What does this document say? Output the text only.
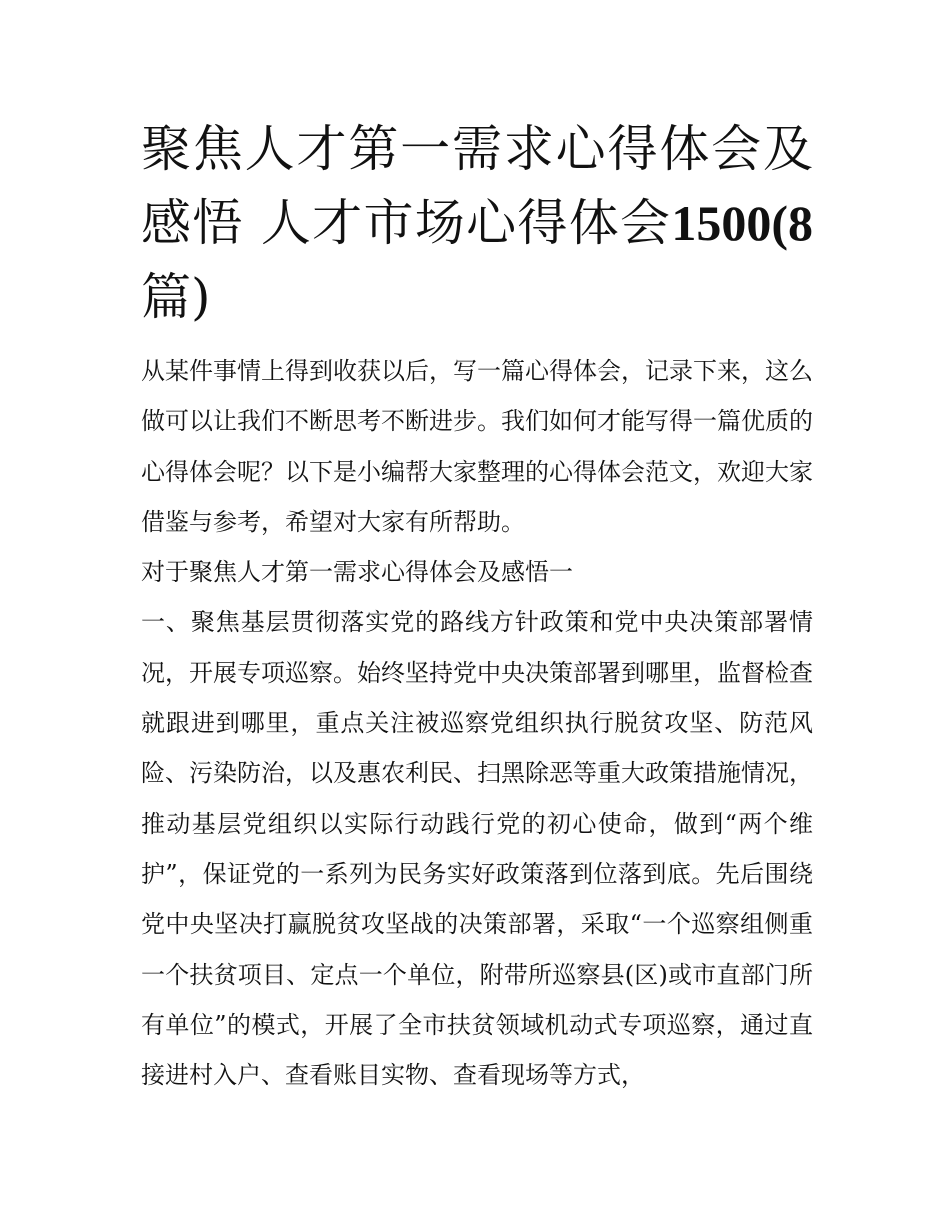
聚焦人才第一需求心得体会及感悟 人才市场心得体会1500(8篇)

从某件事情上得到收获以后，写一篇心得体会，记录下来，这么做可以让我们不断思考不断进步。我们如何才能写得一篇优质的心得体会呢？以下是小编帮大家整理的心得体会范文，欢迎大家借鉴与参考，希望对大家有所帮助。

对于聚焦人才第一需求心得体会及感悟一

一、聚焦基层贯彻落实党的路线方针政策和党中央决策部署情况，开展专项巡察。始终坚持党中央决策部署到哪里，监督检查就跟进到哪里，重点关注被巡察党组织执行脱贫攻坚、防范风险、污染防治，以及惠农利民、扫黑除恶等重大政策措施情况，推动基层党组织以实际行动践行党的初心使命，做到“两个维护”，保证党的一系列为民务实好政策落到位落到底。先后围绕党中央坚决打赢脱贫攻坚战的决策部署，采取“一个巡察组侧重一个扶贫项目、定点一个单位，附带所巡察县(区)或市直部门所有单位”的模式，开展了全市扶贫领域机动式专项巡察，通过直接进村入户、查看账目实物、查看现场等方式，
